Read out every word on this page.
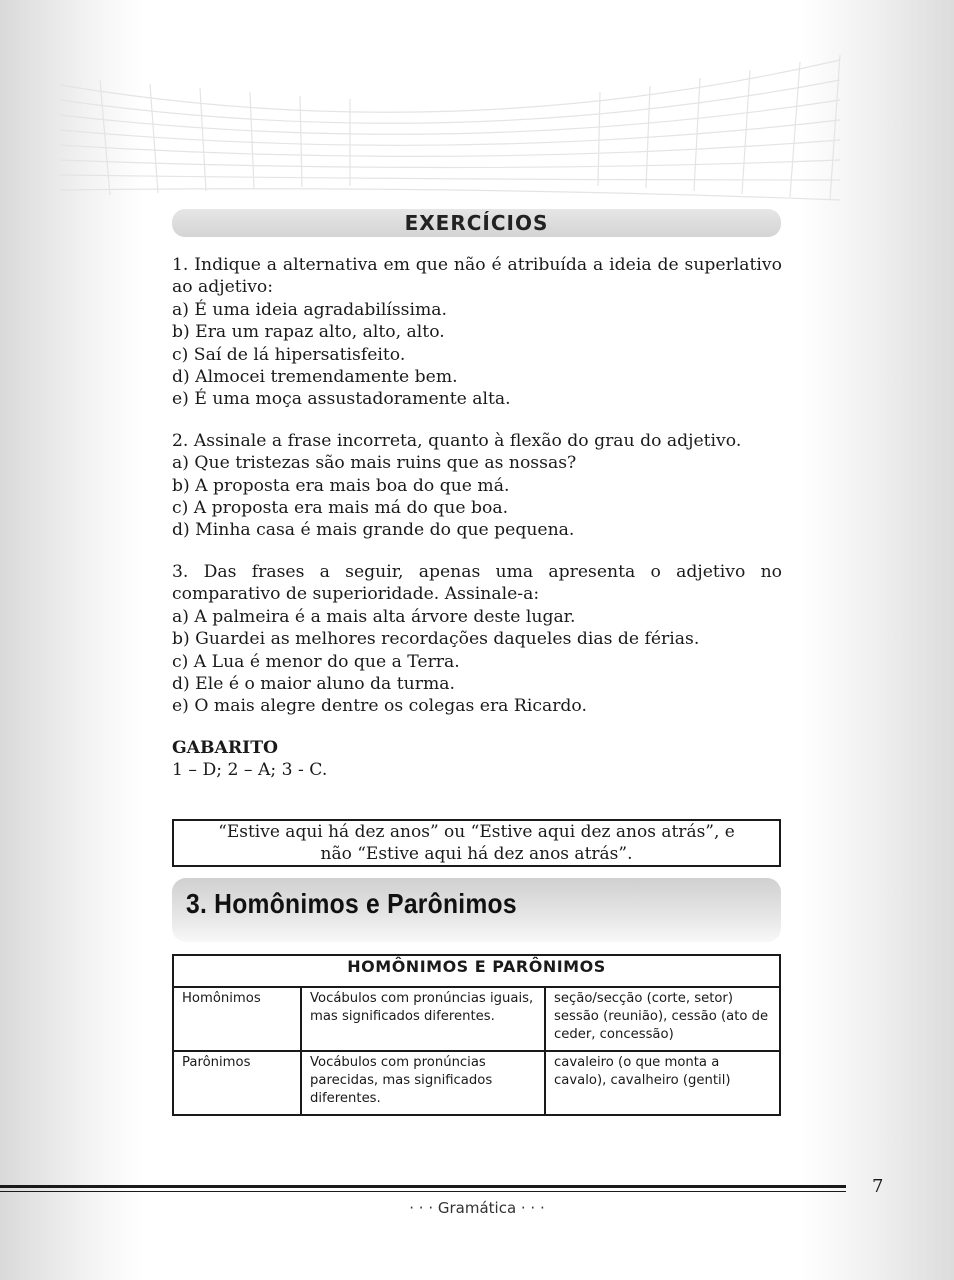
EXERCÍCIOS
1. Indique a alternativa em que não é atribuída a ideia de superlativo ao adjetivo:
a) É uma ideia agradabilíssima.
b) Era um rapaz alto, alto, alto.
c) Saí de lá hipersatisfeito.
d) Almocei tremendamente bem.
e) É uma moça assustadoramente alta.
2. Assinale a frase incorreta, quanto à flexão do grau do adjetivo.
a) Que tristezas são mais ruins que as nossas?
b) A proposta era mais boa do que má.
c) A proposta era mais má do que boa.
d) Minha casa é mais grande do que pequena.
3. Das frases a seguir, apenas uma apresenta o adjetivo no comparativo de superioridade. Assinale-a:
a) A palmeira é a mais alta árvore deste lugar.
b) Guardei as melhores recordações daqueles dias de férias.
c) A Lua é menor do que a Terra.
d) Ele é o maior aluno da turma.
e) O mais alegre dentre os colegas era Ricardo.
GABARITO
1 – D; 2 – A; 3 - C.
“Estive aqui há dez anos” ou “Estive aqui dez anos atrás”, e
não “Estive aqui há dez anos atrás”.
3. Homônimos e Parônimos
HOMÔNIMOS E PARÔNIMOS		
Homônimos	Vocábulos com pronúncias iguais, mas significados diferentes.	seção/secção (corte, setor) sessão (reunião), cessão (ato de ceder, concessão)
Parônimos	Vocábulos com pronúncias parecidas, mas significados diferentes.	cavaleiro (o que monta a cavalo), cavalheiro (gentil)
7
· · · Gramática · · ·
